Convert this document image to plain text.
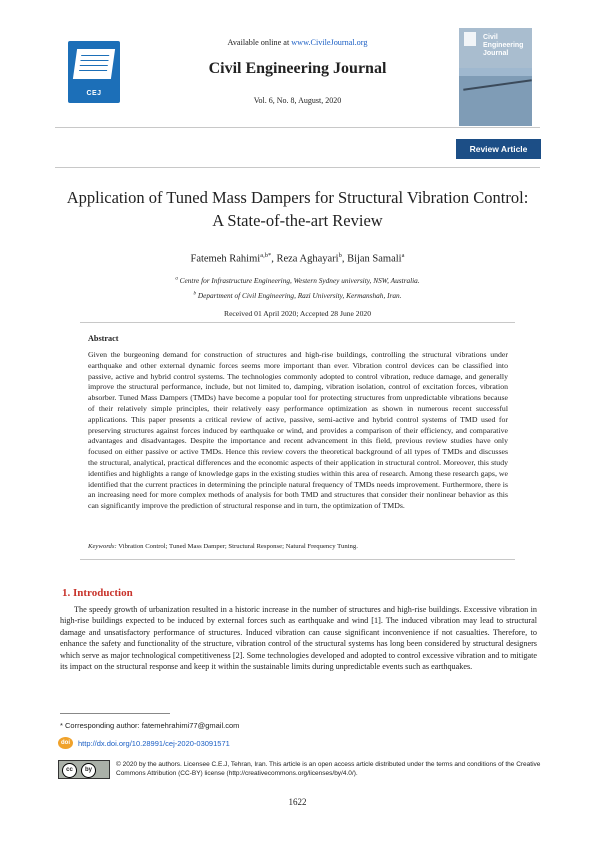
CEJ
Available online at www.CivileJournal.org
Civil Engineering Journal
Vol. 6, No. 8, August, 2020
Civil Engineering Journal
Review Article
Application of Tuned Mass Dampers for Structural Vibration Control: A State-of-the-art Review
Fatemeh Rahimi$^{a,b*}$, Reza Aghayari$^b$, Bijan Samali$^a$
$^a$ Centre for Infrastructure Engineering, Western Sydney university, NSW, Australia.
$^b$ Department of Civil Engineering, Razi University, Kermanshah, Iran.
Received 01 April 2020; Accepted 28 June 2020
Abstract
Given the burgeoning demand for construction of structures and high-rise buildings, controlling the structural vibrations under earthquake and other external dynamic forces seems more important than ever. Vibration control devices can be classified into passive, active and hybrid control systems. The technologies commonly adopted to control vibration, reduce damage, and generally improve the structural performance, include, but not limited to, damping, vibration isolation, control of excitation forces, vibration absorber. Tuned Mass Dampers (TMDs) have become a popular tool for protecting structures from unpredictable vibrations because of their relatively simple principles, their relatively easy performance optimization as shown in numerous recent successful applications. This paper presents a critical review of active, passive, semi-active and hybrid control systems of TMD used for preserving structures against forces induced by earthquake or wind, and provides a comparison of their efficiency, and comparative advantages and disadvantages. Despite the importance and recent advancement in this field, previous review studies have only focused on either passive or active TMDs. Hence this review covers the theoretical background of all types of TMDs and discusses the structural, analytical, practical differences and the economic aspects of their application in structural control. Moreover, this study identifies and highlights a range of knowledge gaps in the existing studies within this area of research. Among these research gaps, we identified that the current practices in determining the principle natural frequency of TMDs needs improvement. Furthermore, there is an increasing need for more complex methods of analysis for both TMD and structures that consider their nonlinear behavior as this can significantly improve the prediction of structural response and in turn, the optimization of TMDs.
Keywords: Vibration Control; Tuned Mass Damper; Structural Response; Natural Frequency Tuning.
1. Introduction
The speedy growth of urbanization resulted in a historic increase in the number of structures and high-rise buildings. Excessive vibration in high-rise buildings expected to be induced by external forces such as earthquake and wind [1]. The induced vibration may lead to structural damage and unsatisfactory performance of structures. Induced vibration can cause significant inconvenience if not casualties. Therefore, to enhance the safety and functionality of the structure, vibration control of the structural systems has long been considered by structural designers which serve as major technological competitiveness [2]. Some technologies developed and adopted to control excessive vibration and to mitigate its impact on the structural response and keep it within the sustainable limits during unpredictable events such as earthquakes.
* Corresponding author: fatemehrahimi77@gmail.com
doi	http://dx.doi.org/10.28991/cej-2020-03091571
cc	by
© 2020 by the authors. Licensee C.E.J, Tehran, Iran. This article is an open access article distributed under the terms and conditions of the Creative Commons Attribution (CC-BY) license (http://creativecommons.org/licenses/by/4.0/).
1622
